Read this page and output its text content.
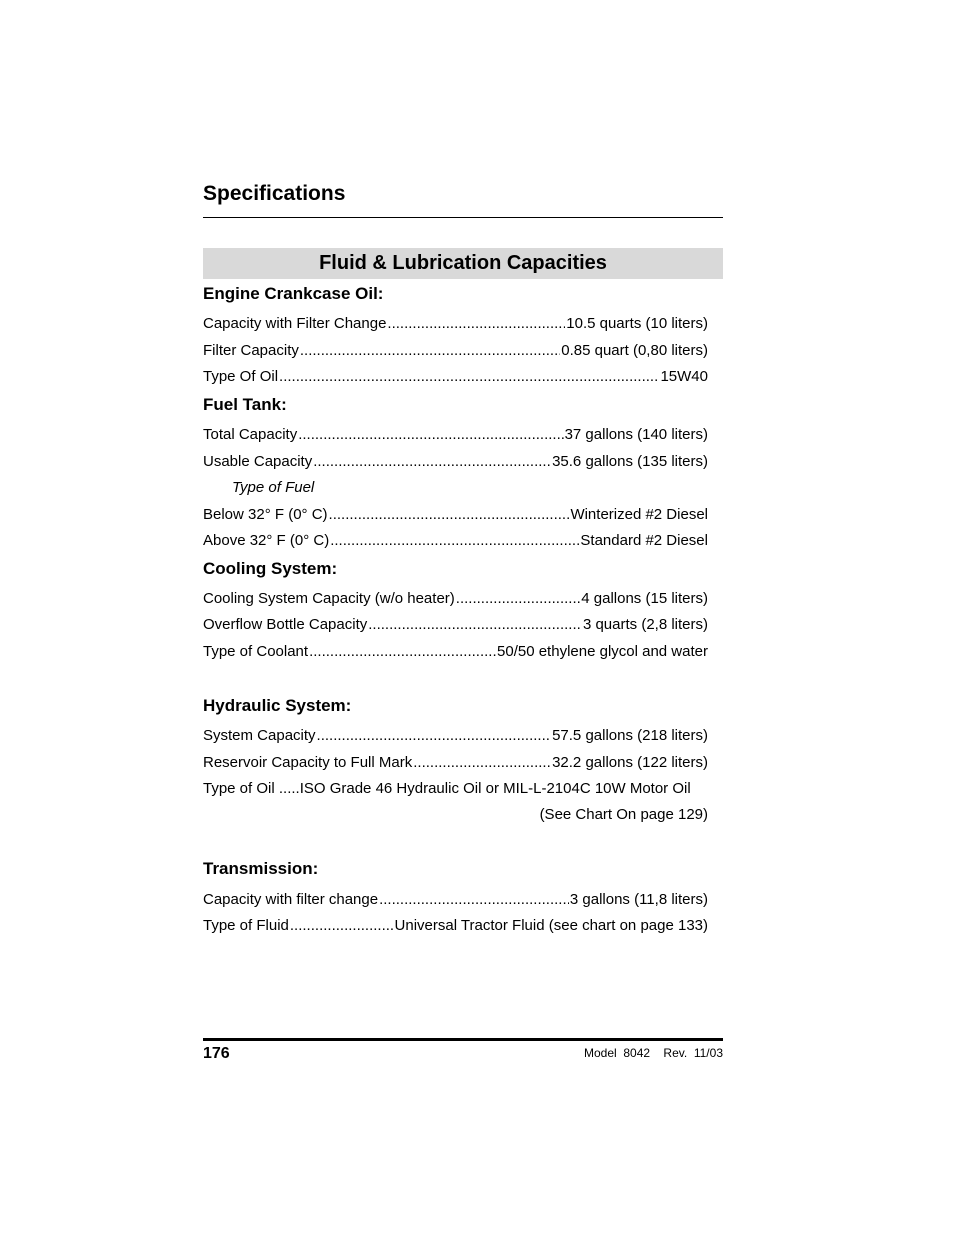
Specifications
Fluid & Lubrication Capacities
Engine Crankcase Oil:
Capacity with Filter Change .....	10.5 quarts (10 liters)
Filter Capacity .....	0.85 quart (0,80 liters)
Type Of Oil .....	15W40
Fuel Tank:
Total Capacity .....	37 gallons (140 liters)
Usable Capacity .....	35.6 gallons (135 liters)
Type of Fuel
Below 32° F (0° C) .....	Winterized #2 Diesel
Above 32° F (0° C) .....	Standard #2 Diesel
Cooling System:
Cooling System Capacity (w/o heater) .....	4 gallons (15 liters)
Overflow Bottle Capacity .....	3 quarts (2,8 liters)
Type of Coolant .....	50/50 ethylene glycol and water
Hydraulic System:
System Capacity .....	57.5 gallons (218 liters)
Reservoir Capacity to Full Mark .....	32.2 gallons (122 liters)
Type of Oil .....ISO Grade 46 Hydraulic Oil or MIL-L-2104C 10W Motor Oil
(See Chart On page 129)
Transmission:
Capacity with filter change .....	3 gallons (11,8 liters)
Type of Fluid .....	Universal Tractor Fluid (see chart on page 133)
176	Model  8042    Rev.  11/03
